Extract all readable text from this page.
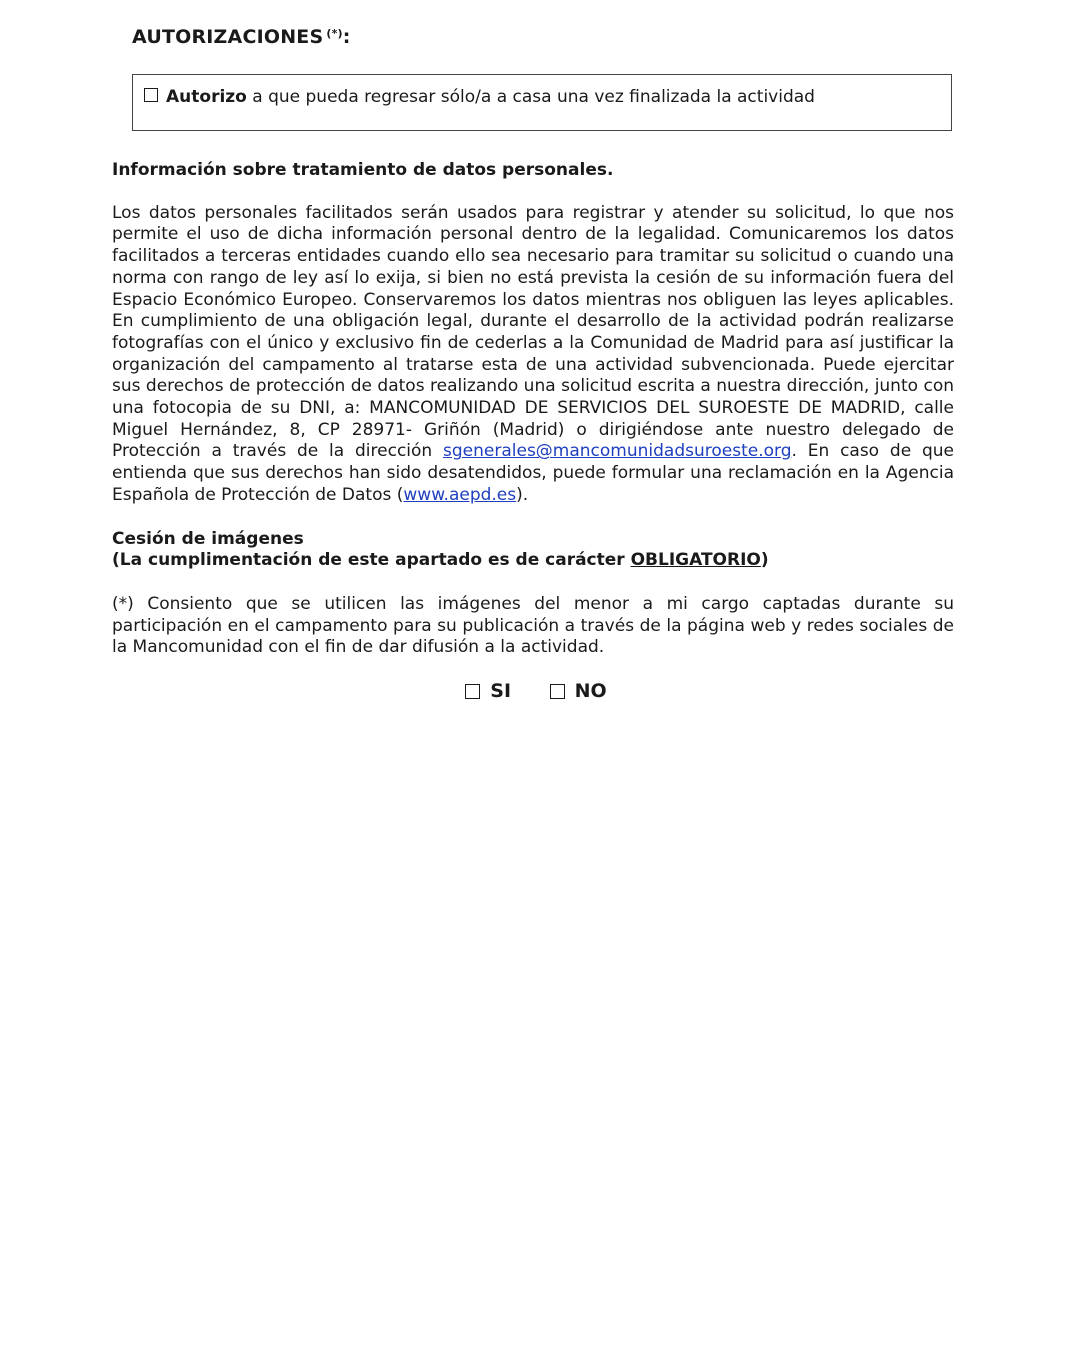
AUTORIZACIONES (*):
Autorizo a que pueda regresar sólo/a a casa una vez finalizada la actividad

Información sobre tratamiento de datos personales.

Los datos personales facilitados serán usados para registrar y atender su solicitud, lo que nos permite el uso de dicha información personal dentro de la legalidad. Comunicaremos los datos facilitados a terceras entidades cuando ello sea necesario para tramitar su solicitud o cuando una norma con rango de ley así lo exija, si bien no está prevista la cesión de su información fuera del Espacio Económico Europeo. Conservaremos los datos mientras nos obliguen las leyes aplicables. En cumplimiento de una obligación legal, durante el desarrollo de la actividad podrán realizarse fotografías con el único y exclusivo fin de cederlas a la Comunidad de Madrid para así justificar la organización del campamento al tratarse esta de una actividad subvencionada. Puede ejercitar sus derechos de protección de datos realizando una solicitud escrita a nuestra dirección, junto con una fotocopia de su DNI, a: MANCOMUNIDAD DE SERVICIOS DEL SUROESTE DE MADRID, calle Miguel Hernández, 8, CP 28971- Griñón (Madrid) o dirigiéndose ante nuestro delegado de Protección a través de la dirección sgenerales@mancomunidadsuroeste.org. En caso de que entienda que sus derechos han sido desatendidos, puede formular una reclamación en la Agencia Española de Protección de Datos (www.aepd.es).

Cesión de imágenes

(La cumplimentación de este apartado es de carácter OBLIGATORIO)

(*) Consiento que se utilicen las imágenes del menor a mi cargo captadas durante su participación en el campamento para su publicación a través de la página web y redes sociales de la Mancomunidad con el fin de dar difusión a la actividad.

SI
	NO
